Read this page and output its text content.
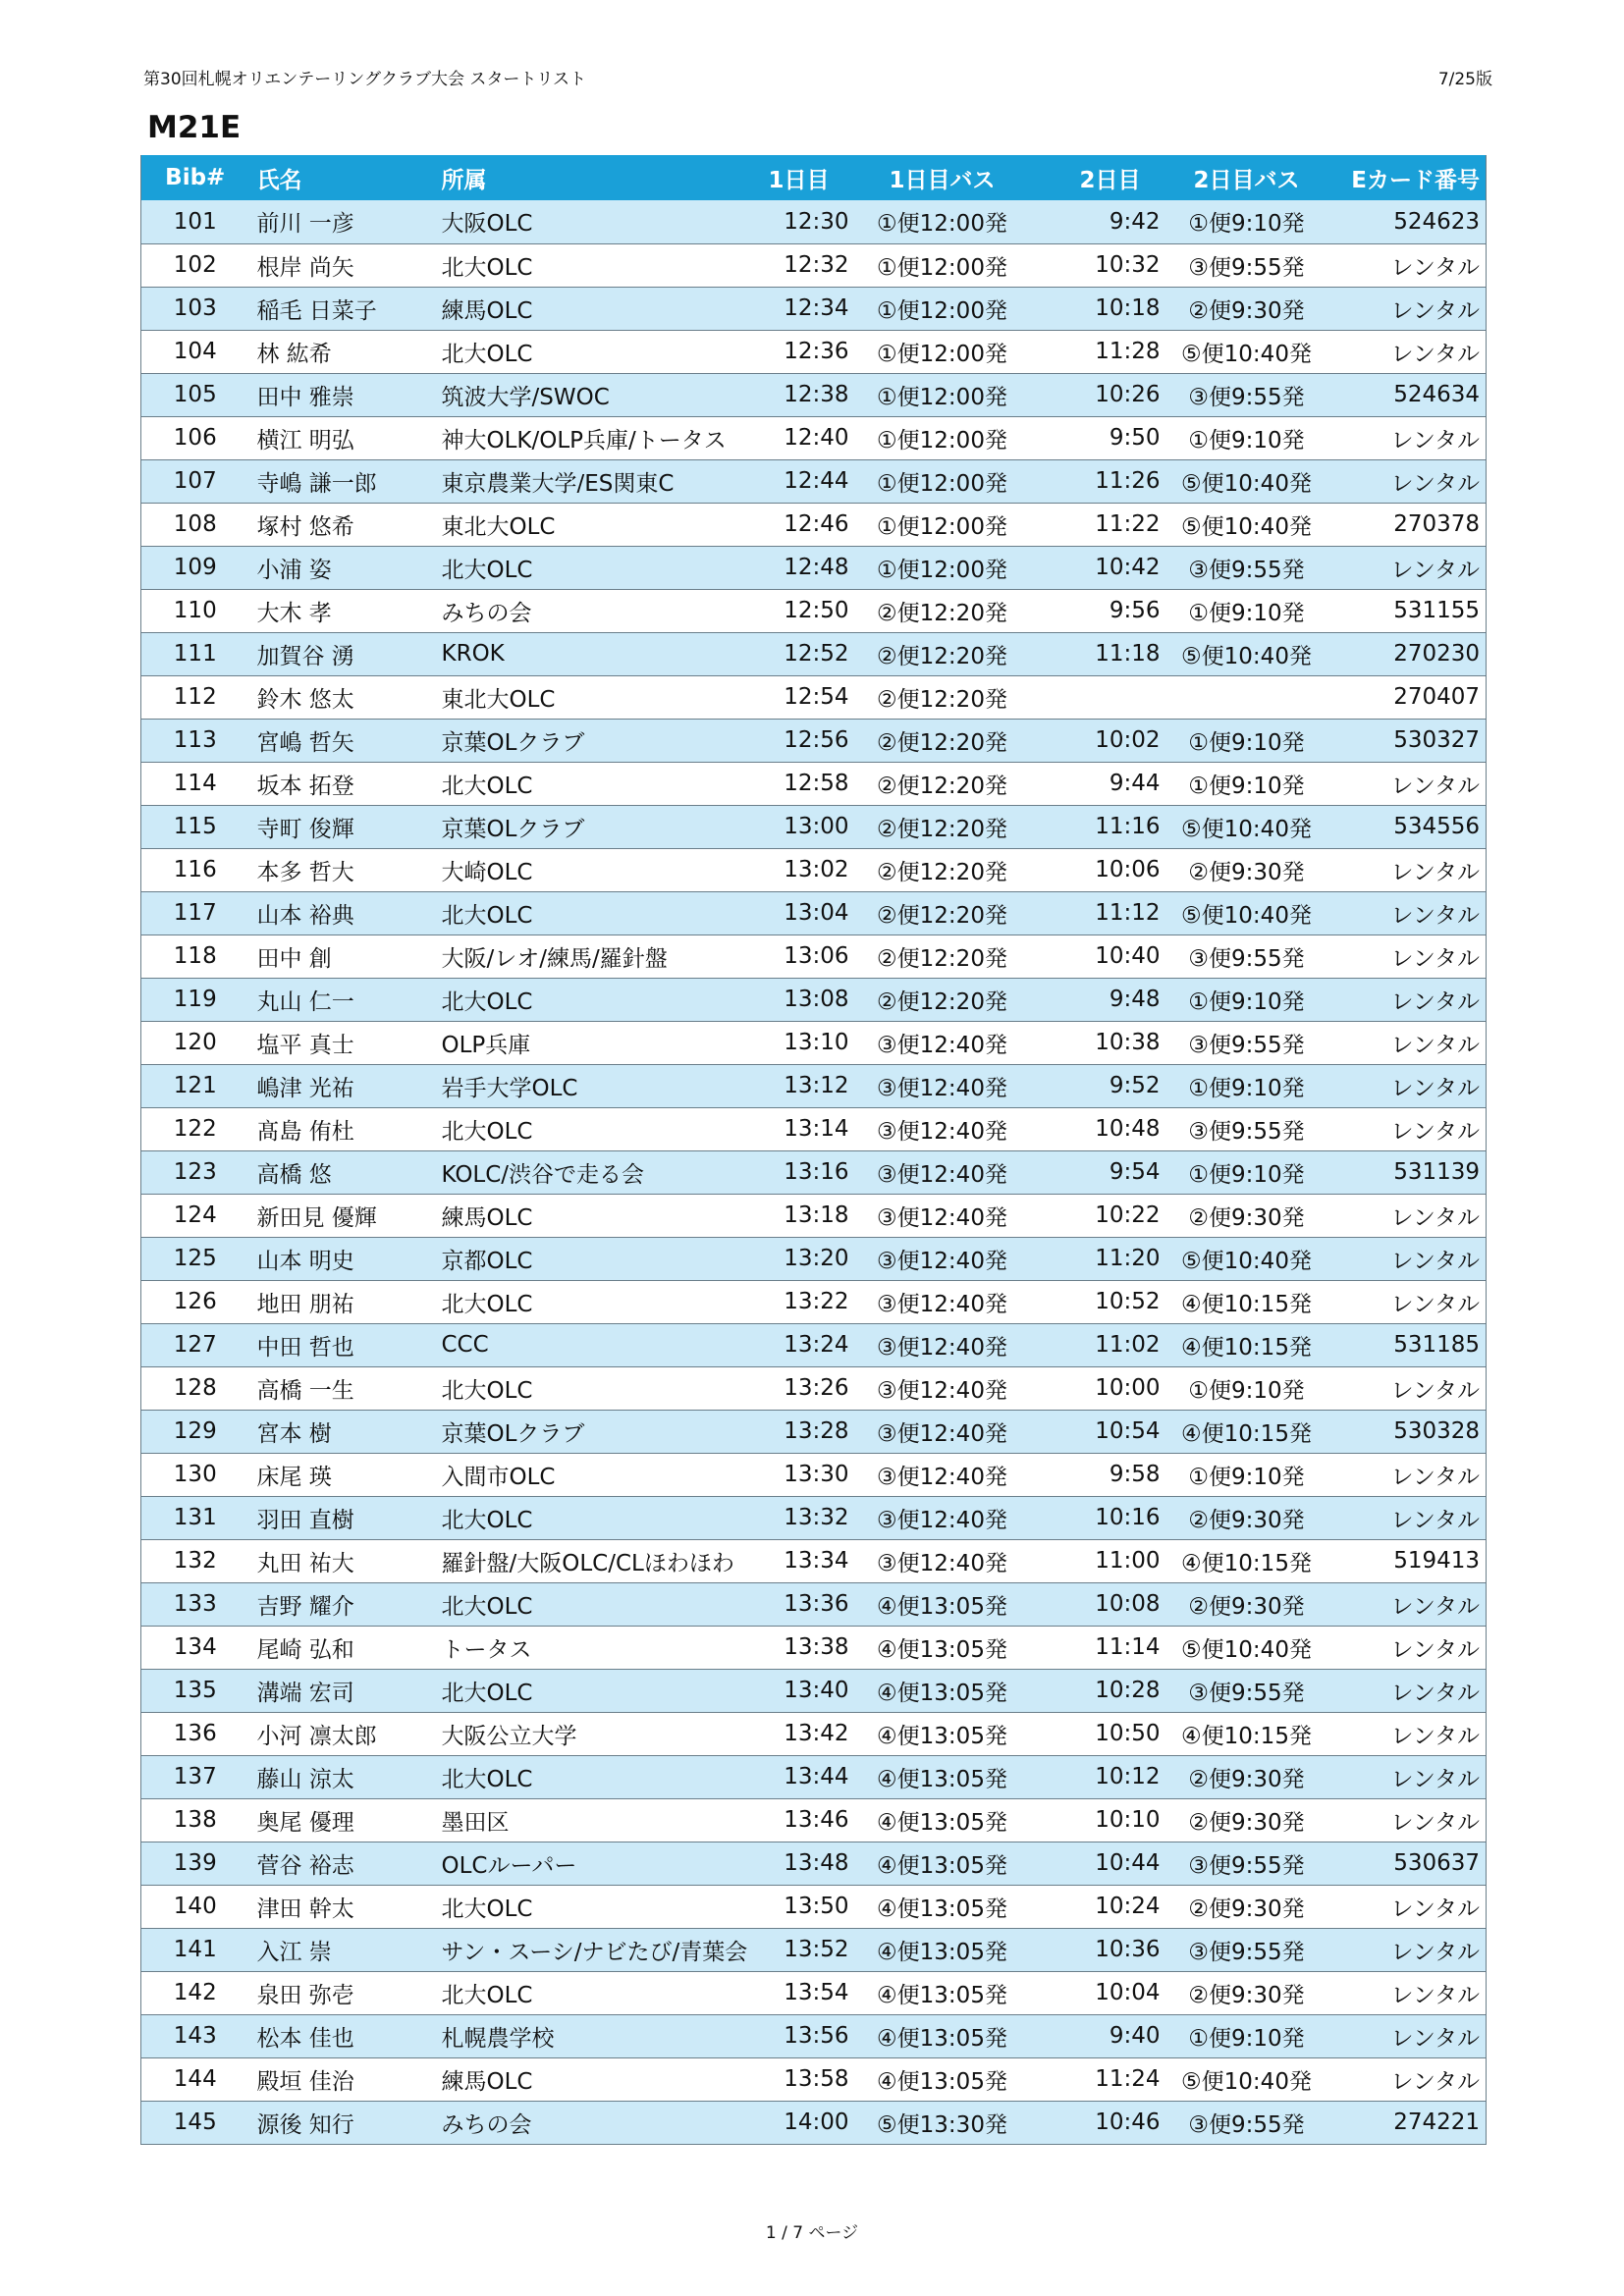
第30回札幌オリエンテーリングクラブ大会 スタートリスト	7/25版
M21E
Bib#	氏名	所属	1日目	1日目バス	2日目	2日目バス	Eカード番号
101	前川 一彦	大阪OLC	12:30	①便12:00発	9:42	①便9:10発	524623
102	根岸 尚矢	北大OLC	12:32	①便12:00発	10:32	③便9:55発	レンタル
103	稲毛 日菜子	練馬OLC	12:34	①便12:00発	10:18	②便9:30発	レンタル
104	林 紘希	北大OLC	12:36	①便12:00発	11:28	⑤便10:40発	レンタル
105	田中 雅崇	筑波大学/SWOC	12:38	①便12:00発	10:26	③便9:55発	524634
106	横江 明弘	神大OLK/OLP兵庫/トータス	12:40	①便12:00発	9:50	①便9:10発	レンタル
107	寺嶋 謙一郎	東京農業大学/ES関東C	12:44	①便12:00発	11:26	⑤便10:40発	レンタル
108	塚村 悠希	東北大OLC	12:46	①便12:00発	11:22	⑤便10:40発	270378
109	小浦 姿	北大OLC	12:48	①便12:00発	10:42	③便9:55発	レンタル
110	大木 孝	みちの会	12:50	②便12:20発	9:56	①便9:10発	531155
111	加賀谷 湧	KROK	12:52	②便12:20発	11:18	⑤便10:40発	270230
112	鈴木 悠太	東北大OLC	12:54	②便12:20発			270407
113	宮嶋 哲矢	京葉OLクラブ	12:56	②便12:20発	10:02	①便9:10発	530327
114	坂本 拓登	北大OLC	12:58	②便12:20発	9:44	①便9:10発	レンタル
115	寺町 俊輝	京葉OLクラブ	13:00	②便12:20発	11:16	⑤便10:40発	534556
116	本多 哲大	大崎OLC	13:02	②便12:20発	10:06	②便9:30発	レンタル
117	山本 裕典	北大OLC	13:04	②便12:20発	11:12	⑤便10:40発	レンタル
118	田中 創	大阪/レオ/練馬/羅針盤	13:06	②便12:20発	10:40	③便9:55発	レンタル
119	丸山 仁一	北大OLC	13:08	②便12:20発	9:48	①便9:10発	レンタル
120	塩平 真士	OLP兵庫	13:10	③便12:40発	10:38	③便9:55発	レンタル
121	嶋津 光祐	岩手大学OLC	13:12	③便12:40発	9:52	①便9:10発	レンタル
122	髙島 侑杜	北大OLC	13:14	③便12:40発	10:48	③便9:55発	レンタル
123	高橋 悠	KOLC/渋谷で走る会	13:16	③便12:40発	9:54	①便9:10発	531139
124	新田見 優輝	練馬OLC	13:18	③便12:40発	10:22	②便9:30発	レンタル
125	山本 明史	京都OLC	13:20	③便12:40発	11:20	⑤便10:40発	レンタル
126	地田 朋祐	北大OLC	13:22	③便12:40発	10:52	④便10:15発	レンタル
127	中田 哲也	CCC	13:24	③便12:40発	11:02	④便10:15発	531185
128	高橋 一生	北大OLC	13:26	③便12:40発	10:00	①便9:10発	レンタル
129	宮本 樹	京葉OLクラブ	13:28	③便12:40発	10:54	④便10:15発	530328
130	床尾 瑛	入間市OLC	13:30	③便12:40発	9:58	①便9:10発	レンタル
131	羽田 直樹	北大OLC	13:32	③便12:40発	10:16	②便9:30発	レンタル
132	丸田 祐大	羅針盤/大阪OLC/CLほわほわ	13:34	③便12:40発	11:00	④便10:15発	519413
133	吉野 耀介	北大OLC	13:36	④便13:05発	10:08	②便9:30発	レンタル
134	尾崎 弘和	トータス	13:38	④便13:05発	11:14	⑤便10:40発	レンタル
135	溝端 宏司	北大OLC	13:40	④便13:05発	10:28	③便9:55発	レンタル
136	小河 凛太郎	大阪公立大学	13:42	④便13:05発	10:50	④便10:15発	レンタル
137	藤山 涼太	北大OLC	13:44	④便13:05発	10:12	②便9:30発	レンタル
138	奥尾 優理	墨田区	13:46	④便13:05発	10:10	②便9:30発	レンタル
139	菅谷 裕志	OLCルーパー	13:48	④便13:05発	10:44	③便9:55発	530637
140	津田 幹太	北大OLC	13:50	④便13:05発	10:24	②便9:30発	レンタル
141	入江 崇	サン・スーシ/ナビたび/青葉会	13:52	④便13:05発	10:36	③便9:55発	レンタル
142	泉田 弥壱	北大OLC	13:54	④便13:05発	10:04	②便9:30発	レンタル
143	松本 佳也	札幌農学校	13:56	④便13:05発	9:40	①便9:10発	レンタル
144	殿垣 佳治	練馬OLC	13:58	④便13:05発	11:24	⑤便10:40発	レンタル
145	源後 知行	みちの会	14:00	⑤便13:30発	10:46	③便9:55発	274221
1 / 7 ページ
